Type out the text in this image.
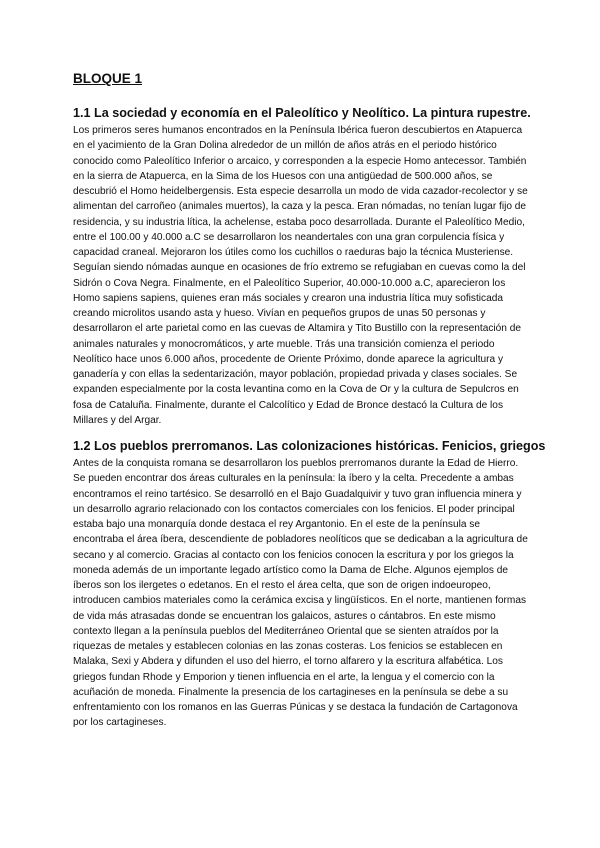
BLOQUE 1
1.1 La sociedad y economía en el Paleolítico y Neolítico. La pintura rupestre.
Los primeros seres humanos encontrados en la Península Ibérica fueron descubiertos en Atapuerca en el yacimiento de la Gran Dolina alrededor de un millón de años atrás en el periodo histórico conocido como Paleolítico Inferior o arcaico, y corresponden a la especie Homo antecessor. También en la sierra de Atapuerca, en la Sima de los Huesos con una antigüedad de 500.000 años, se descubrió el Homo heidelbergensis. Esta especie desarrolla un modo de vida cazador-recolector y se alimentan del carroñeo (animales muertos), la caza y la pesca. Eran nómadas, no tenían lugar fijo de residencia, y su industria lítica, la achelense, estaba poco desarrollada. Durante el Paleolítico Medio, entre el 100.00 y 40.000 a.C se desarrollaron los neandertales con una gran corpulencia física y capacidad craneal. Mejoraron los útiles como los cuchillos o raeduras bajo la técnica Musteriense. Seguían siendo nómadas aunque en ocasiones de frío extremo se refugiaban en cuevas como la del Sidrón o Cova Negra. Finalmente, en el Paleolítico Superior, 40.000-10.000 a.C, aparecieron los Homo sapiens sapiens, quienes eran más sociales y crearon una industria lítica muy sofisticada creando microlitos usando asta y hueso. Vivían en pequeños grupos de unas 50 personas y desarrollaron el arte parietal como en las cuevas de Altamira y Tito Bustillo con la representación de animales naturales y monocromáticos, y arte mueble. Trás una transición comienza el periodo Neolítico hace unos 6.000 años, procedente de Oriente Próximo, donde aparece la agricultura y ganadería y con ellas la sedentarización, mayor población, propiedad privada y clases sociales. Se expanden especialmente por la costa levantina como en la Cova de Or y la cultura de Sepulcros en fosa de Cataluña. Finalmente, durante el Calcolítico y Edad de Bronce destacó la Cultura de los Millares y del Argar.
1.2 Los pueblos prerromanos. Las colonizaciones históricas. Fenicios, griegos
Antes de la conquista romana se desarrollaron los pueblos prerromanos durante la Edad de Hierro. Se pueden encontrar dos áreas culturales en la península: la íbero y la celta. Precedente a ambas encontramos el reino tartésico. Se desarrolló en el Bajo Guadalquivir y tuvo gran influencia minera y un desarrollo agrario relacionado con los contactos comerciales con los fenicios. El poder principal estaba bajo una monarquía donde destaca el rey Argantonio. En el este de la península se encontraba el área íbera, descendiente de pobladores neolíticos que se dedicaban a la agricultura de secano y al comercio. Gracias al contacto con los fenicios conocen la escritura y por los griegos la moneda además de un importante legado artístico como la Dama de Elche. Algunos ejemplos de íberos son los ilergetes o edetanos. En el resto el área celta, que son de origen indoeuropeo, introducen cambios materiales como la cerámica excisa y lingüísticos. En el norte, mantienen formas de vida más atrasadas donde se encuentran los galaicos, astures o cántabros. En este mismo contexto llegan a la península pueblos del Mediterráneo Oriental que se sienten atraídos por la riquezas de metales y establecen colonias en las zonas costeras. Los fenicios se establecen en Malaka, Sexi y Abdera y difunden el uso del hierro, el torno alfarero y la escritura alfabética. Los griegos fundan Rhode y Emporion y tienen influencia en el arte, la lengua y el comercio con la acuñación de moneda. Finalmente la presencia de los cartagineses en la península se debe a su enfrentamiento con los romanos en las Guerras Púnicas y se destaca la fundación de Cartagonova por los cartagineses.
